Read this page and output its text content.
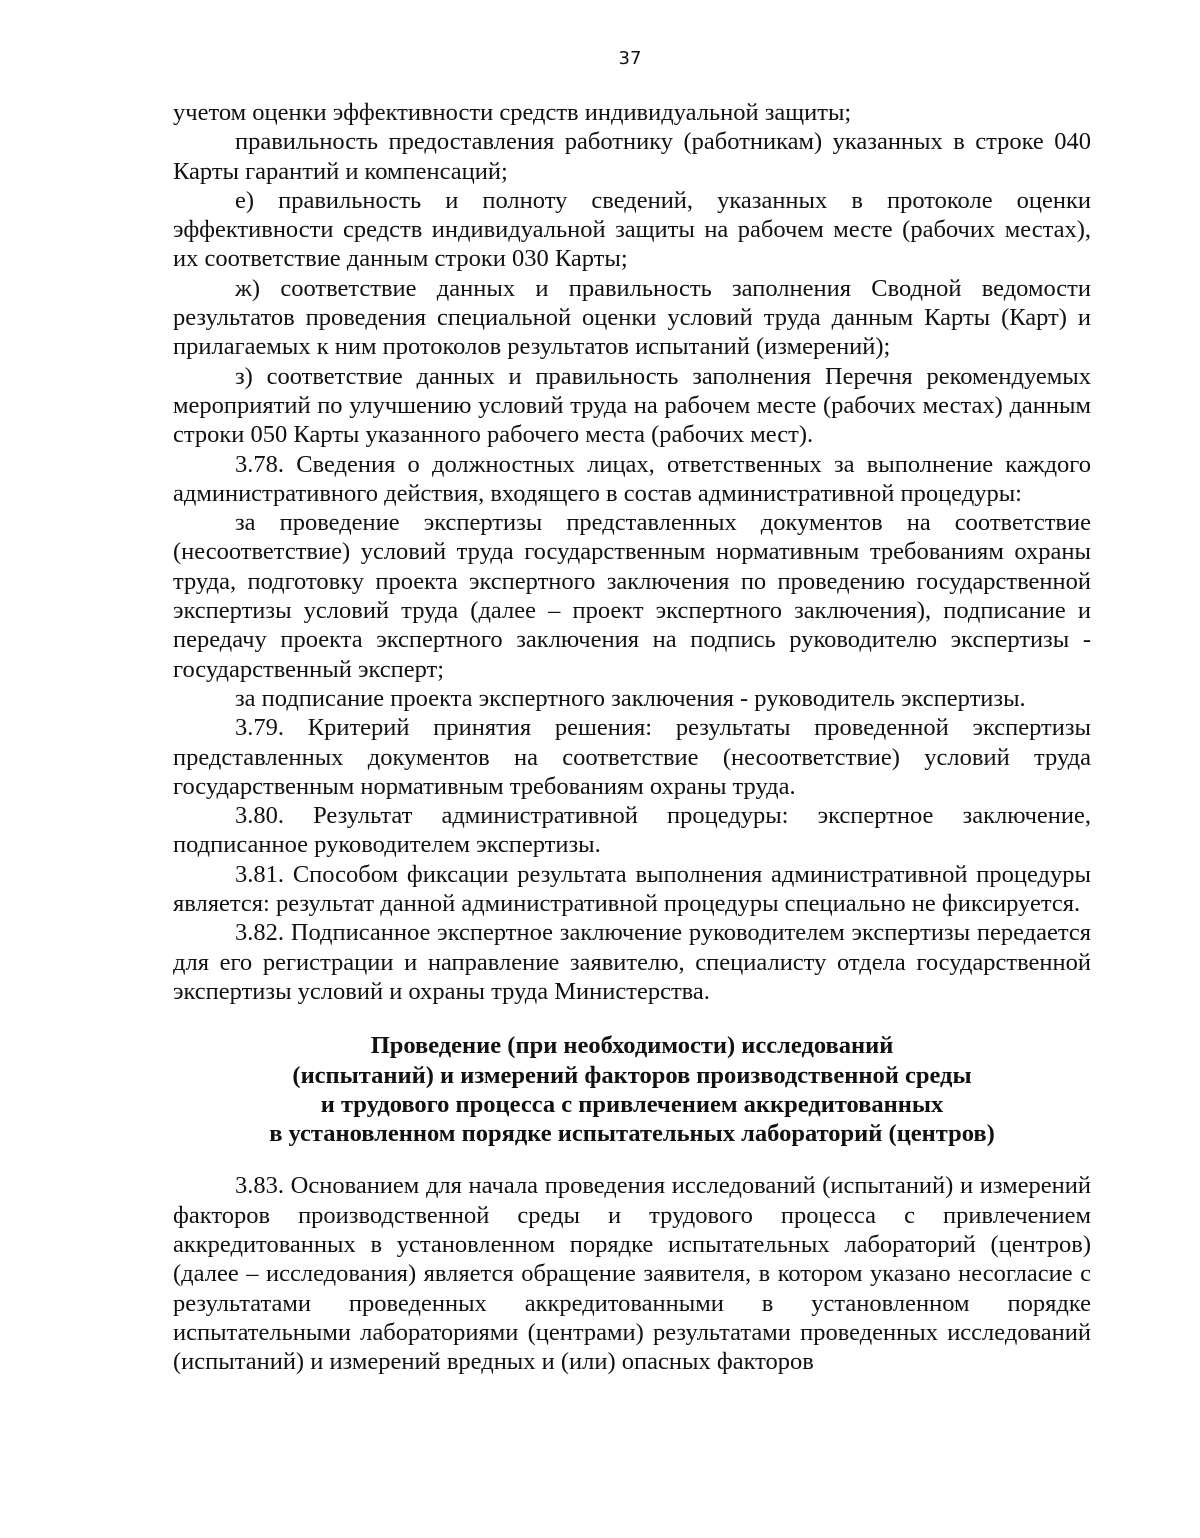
37

учетом оценки эффективности средств индивидуальной защиты;

правильность предоставления работнику (работникам) указанных в строке 040 Карты гарантий и компенсаций;

е) правильность и полноту сведений, указанных в протоколе оценки эффективности средств индивидуальной защиты на рабочем месте (рабочих местах), их соответствие данным строки 030 Карты;

ж) соответствие данных и правильность заполнения Сводной ведомости результатов проведения специальной оценки условий труда данным Карты (Карт) и прилагаемых к ним протоколов результатов испытаний (измерений);

з) соответствие данных и правильность заполнения Перечня рекомендуемых мероприятий по улучшению условий труда на рабочем месте (рабочих местах) данным строки 050 Карты указанного рабочего места (рабочих мест).

3.78. Сведения о должностных лицах, ответственных за выполнение каждого административного действия, входящего в состав административной процедуры:

за проведение экспертизы представленных документов на соответствие (несоответствие) условий труда государственным нормативным требованиям охраны труда, подготовку проекта экспертного заключения по проведению государственной экспертизы условий труда (далее – проект экспертного заключения), подписание и передачу проекта экспертного заключения на подпись руководителю экспертизы - государственный эксперт;

за подписание проекта экспертного заключения - руководитель экспертизы.

3.79. Критерий принятия решения: результаты проведенной экспертизы представленных документов на соответствие (несоответствие) условий труда государственным нормативным требованиям охраны труда.

3.80. Результат административной процедуры: экспертное заключение, подписанное руководителем экспертизы.

3.81. Способом фиксации результата выполнения административной процедуры является: результат данной административной процедуры специально не фиксируется.

3.82. Подписанное экспертное заключение руководителем экспертизы передается для его регистрации и направление заявителю, специалисту отдела государственной экспертизы условий и охраны труда Министерства.

Проведение (при необходимости) исследований
(испытаний) и измерений факторов производственной среды
и трудового процесса с привлечением аккредитованных
в установленном порядке испытательных лабораторий (центров)

3.83. Основанием для начала проведения исследований (испытаний) и измерений факторов производственной среды и трудового процесса с привлечением аккредитованных в установленном порядке испытательных лабораторий (центров) (далее – исследования) является обращение заявителя, в котором указано несогласие с результатами проведенных аккредитованными в установленном порядке испытательными лабораториями (центрами) результатами проведенных исследований (испытаний) и измерений вредных и (или) опасных факторов
